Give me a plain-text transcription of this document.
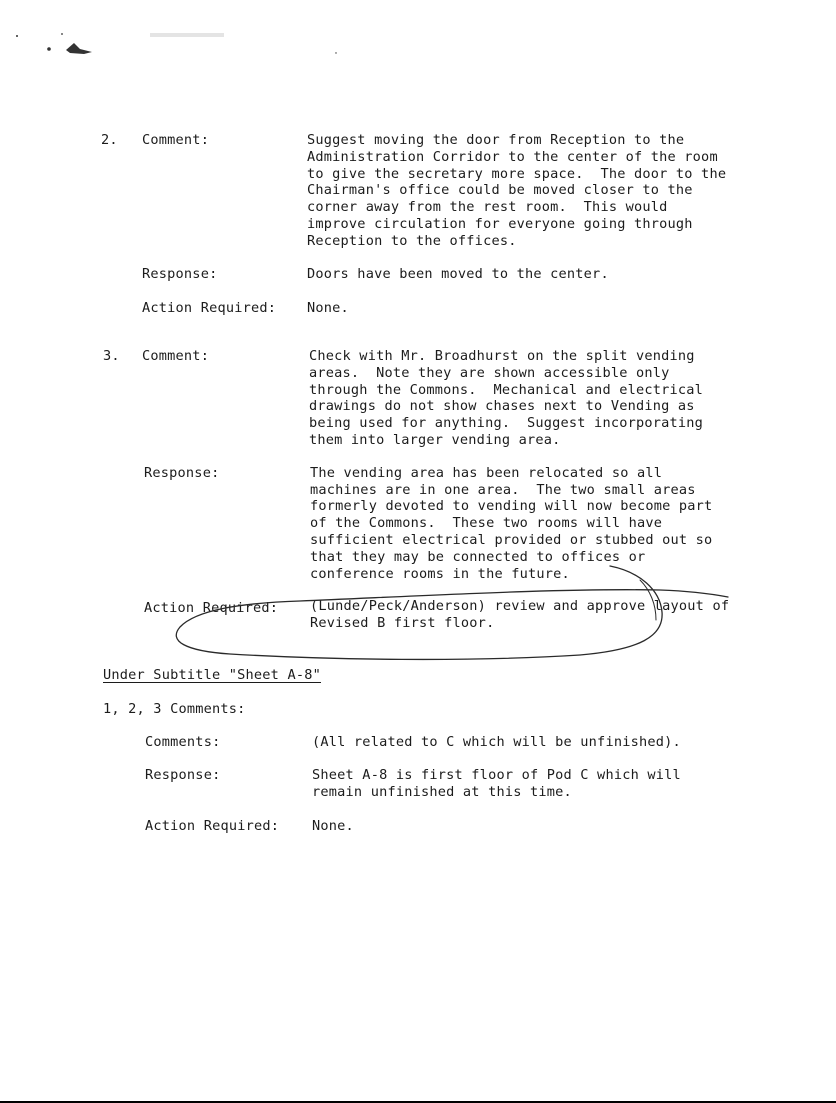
2. Comment:	Suggest moving the door from Reception to the
Administration Corridor to the center of the room
to give the secretary more space.  The door to the
Chairman's office could be moved closer to the
corner away from the rest room.  This would
improve circulation for everyone going through
Reception to the offices.
Response:	Doors have been moved to the center.
Action Required: None.
3. Comment:	Check with Mr. Broadhurst on the split vending
areas.  Note they are shown accessible only
through the Commons.  Mechanical and electrical
drawings do not show chases next to Vending as
being used for anything.  Suggest incorporating
them into larger vending area.
Response:	The vending area has been relocated so all
machines are in one area.  The two small areas
formerly devoted to vending will now become part
of the Commons.  These two rooms will have
sufficient electrical provided or stubbed out so
that they may be connected to offices or
conference rooms in the future.
Action Required: (Lunde/Peck/Anderson) review and approve layout of
Revised B first floor.
Under Subtitle "Sheet A-8"
1, 2, 3 Comments:
Comments:	(All related to C which will be unfinished).
Response:	Sheet A-8 is first floor of Pod C which will
remain unfinished at this time.
Action Required: None.
